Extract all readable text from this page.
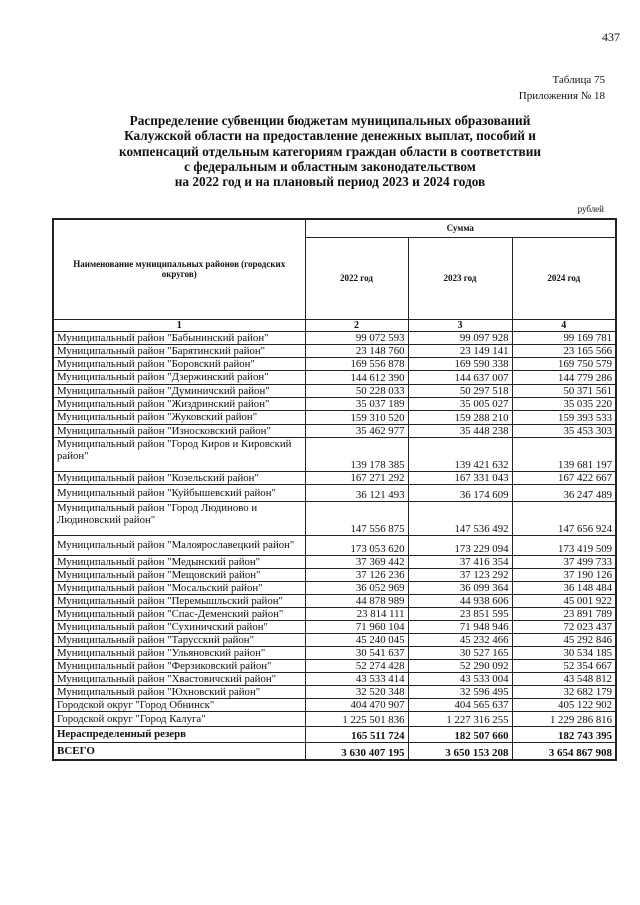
437
Таблица 75
Приложения № 18
Распределение субвенции бюджетам муниципальных образований
Калужской области на предоставление денежных выплат, пособий и
компенсаций отдельным категориям граждан области в соответствии
с федеральным и областным законодательством
на 2022 год и на плановый период 2023 и 2024 годов
рублей
Наименование муниципальных районов (городских округов)	Сумма		
	2022 год	2023 год	2024 год
1	2	3	4
Муниципальный район "Бабынинский район"	99 072 593	99 097 928	99 169 781
Муниципальный район "Барятинский район"	23 148 760	23 149 141	23 165 566
Муниципальный район "Боровский район"	169 556 878	169 590 338	169 750 579
Муниципальный район "Дзержинский район"	144 612 390	144 637 007	144 779 286
Муниципальный район "Думиничский район"	50 228 033	50 297 518	50 371 561
Муниципальный район "Жиздринский район"	35 037 189	35 005 027	35 035 220
Муниципальный район "Жуковский район"	159 310 520	159 288 210	159 393 533
Муниципальный район "Износковский район"	35 462 977	35 448 238	35 453 303
Муниципальный район "Город Киров и Кировский район"	139 178 385	139 421 632	139 681 197
Муниципальный район "Козельский район"	167 271 292	167 331 043	167 422 667
Муниципальный район "Куйбышевский район"	36 121 493	36 174 609	36 247 489
Муниципальный район "Город Людиново и Людиновский район"	147 556 875	147 536 492	147 656 924
Муниципальный район "Малоярославецкий район"	173 053 620	173 229 094	173 419 509
Муниципальный район "Медынский район"	37 369 442	37 416 354	37 499 733
Муниципальный район "Мещовский район"	37 126 236	37 123 292	37 190 126
Муниципальный район "Мосальский район"	36 052 969	36 099 364	36 148 484
Муниципальный район "Перемышльский район"	44 878 989	44 938 606	45 001 922
Муниципальный район "Спас-Деменский район"	23 814 111	23 851 595	23 891 789
Муниципальный район "Сухиничский район"	71 960 104	71 948 946	72 023 437
Муниципальный район "Тарусский район"	45 240 045	45 232 466	45 292 846
Муниципальный район "Ульяновский район"	30 541 637	30 527 165	30 534 185
Муниципальный район "Ферзиковский район"	52 274 428	52 290 092	52 354 667
Муниципальный район "Хвастовичский район"	43 533 414	43 533 004	43 548 812
Муниципальный район "Юхновский район"	32 520 348	32 596 495	32 682 179
Городской округ "Город Обнинск"	404 470 907	404 565 637	405 122 902
Городской округ "Город Калуга"	1 225 501 836	1 227 316 255	1 229 286 816
Нераспределенный резерв	165 511 724	182 507 660	182 743 395
ВСЕГО	3 630 407 195	3 650 153 208	3 654 867 908
